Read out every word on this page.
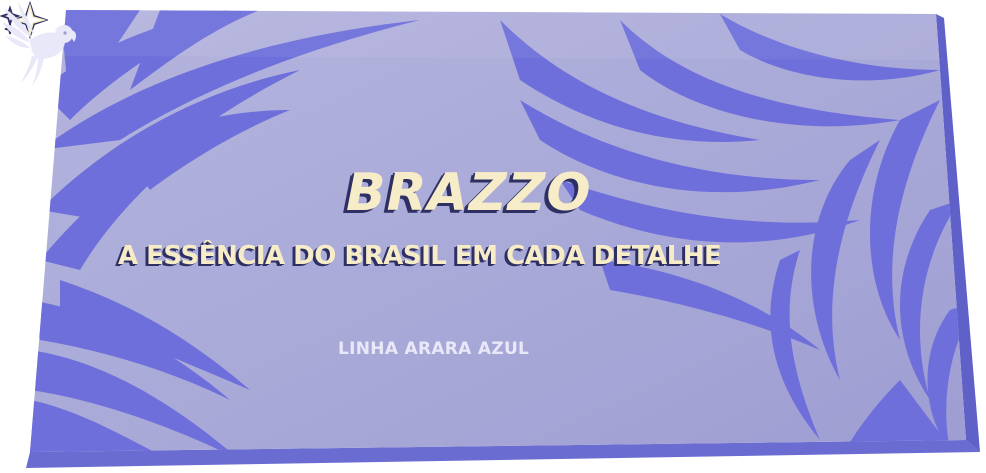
BRAZZO
A ESSÊNCIA DO BRASIL EM CADA DETALHE
LINHA ARARA AZUL
